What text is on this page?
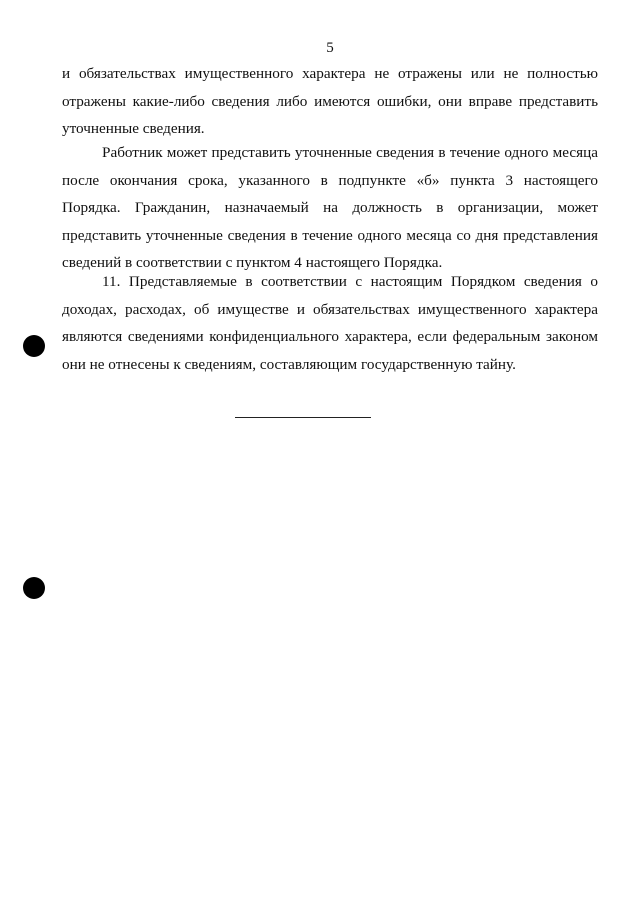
5

и обязательствах имущественного характера не отражены или не полностью отражены какие-либо сведения либо имеются ошибки, они вправе представить уточненные сведения.

Работник может представить уточненные сведения в течение одного месяца после окончания срока, указанного в подпункте «б» пункта 3 настоящего Порядка. Гражданин, назначаемый на должность в организации, может представить уточненные сведения в течение одного месяца со дня представления сведений в соответствии с пунктом 4 настоящего Порядка.

11. Представляемые в соответствии с настоящим Порядком сведения о доходах, расходах, об имуществе и обязательствах имущественного характера являются сведениями конфиденциального характера, если федеральным законом они не отнесены к сведениям, составляющим государственную тайну.
